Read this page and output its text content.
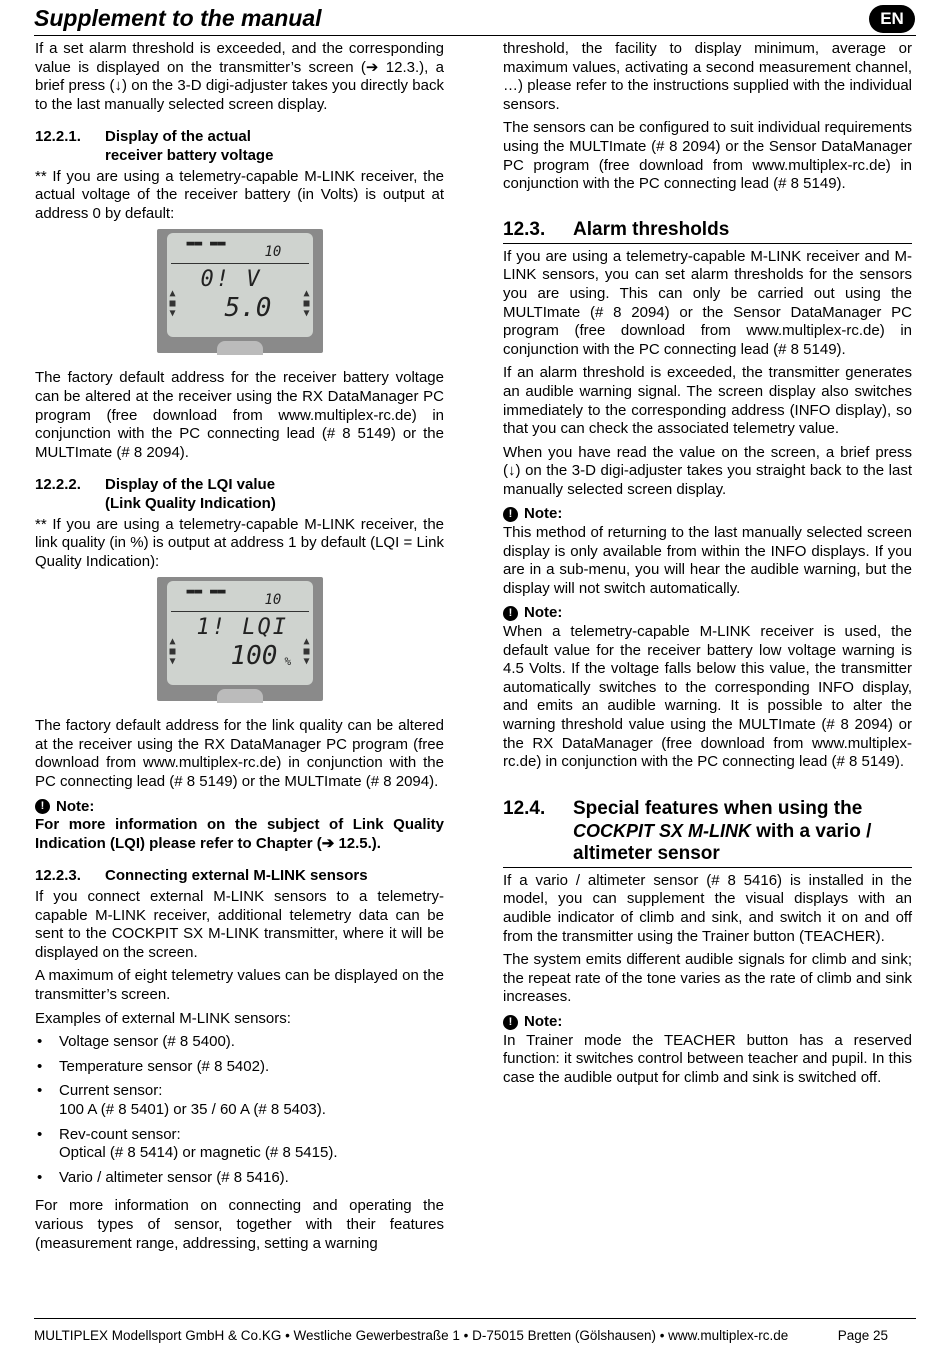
Supplement to the manual	EN

If a set alarm threshold is exceeded, and the corresponding value is displayed on the transmitter’s screen (➔ 12.3.), a brief press (↓) on the 3-D digi-adjuster takes you directly back to the last manually selected screen display.

12.2.1.	Display of the actual receiver battery voltage

** If you are using a telemetry-capable M-LINK receiver, the actual voltage of the receiver battery (in Volts) is output at address 0 by default:

▬▬ ▬▬
10
0! V
5.0
▲
■
▼
▲
■
▼

The factory default address for the receiver battery voltage can be altered at the receiver using the RX DataManager PC program (free download from www.multiplex-rc.de) in conjunction with the PC connecting lead (# 8 5149) or the MULTImate (# 8 2094).

12.2.2.	Display of the LQI value (Link Quality Indication)

** If you are using a telemetry-capable M-LINK receiver, the link quality (in %) is output at address 1 by default (LQI = Link Quality Indication):

▬▬ ▬▬
10
1! LQI
100 %
▲
■
▼
▲
■
▼

The factory default address for the link quality can be altered at the receiver using the RX DataManager PC program (free download from www.multiplex-rc.de) in conjunction with the PC connecting lead (# 8 5149) or the MULTImate (# 8 2094).

! Note:

For more information on the subject of Link Quality Indication (LQI) please refer to Chapter (➔ 12.5.).

12.2.3.	Connecting external M-LINK sensors

If you connect external M-LINK sensors to a telemetry-capable M-LINK receiver, additional telemetry data can be sent to the COCKPIT SX M-LINK transmitter, where it will be displayed on the screen.

A maximum of eight telemetry values can be displayed on the transmitter’s screen.

Examples of external M-LINK sensors:

• Voltage sensor (# 8 5400).
• Temperature sensor (# 8 5402).
• Current sensor:
100 A (# 8 5401) or 35 / 60 A (# 8 5403).
• Rev-count sensor:
Optical (# 8 5414) or magnetic (# 8 5415).
• Vario / altimeter sensor (# 8 5416).

For more information on connecting and operating the various types of sensor, together with their features (measurement range, addressing, setting a warning

threshold, the facility to display minimum, average or maximum values, activating a second measurement channel, …) please refer to the instructions supplied with the individual sensors.

The sensors can be configured to suit individual requirements using the MULTImate (# 8 2094) or the Sensor DataManager PC program (free download from www.multiplex-rc.de) in conjunction with the PC connecting lead (# 8 5149).

12.3.	Alarm thresholds

If you are using a telemetry-capable M-LINK receiver and M-LINK sensors, you can set alarm thresholds for the sensors you are using. This can only be carried out using the MULTImate (# 8 2094) or the Sensor DataManager PC program (free download from www.multiplex-rc.de) in conjunction with the PC connecting lead (# 8 5149).

If an alarm threshold is exceeded, the transmitter generates an audible warning signal. The screen display also switches immediately to the corresponding address (INFO display), so that you can check the associated telemetry value.

When you have read the value on the screen, a brief press (↓) on the 3-D digi-adjuster takes you straight back to the last manually selected screen display.

! Note:

This method of returning to the last manually selected screen display is only available from within the INFO displays. If you are in a sub-menu, you will hear the audible warning, but the display will not switch automatically.

! Note:

When a telemetry-capable M-LINK receiver is used, the default value for the receiver battery low voltage warning is 4.5 Volts. If the voltage falls below this value, the transmitter automatically switches to the corresponding INFO display, and emits an audible warning. It is possible to alter the warning threshold value using the MULTImate (# 8 2094) or the RX DataManager (free download from www.multiplex-rc.de) in conjunction with the PC connecting lead (# 8 5149).

12.4.	Special features when using the
COCKPIT SX M-LINK with a vario / altimeter sensor

If a vario / altimeter sensor (# 8 5416) is installed in the model, you can supplement the visual displays with an audible indicator of climb and sink, and switch it on and off from the transmitter using the Trainer button (TEACHER).

The system emits different audible signals for climb and sink; the repeat rate of the tone varies as the rate of climb and sink increases.

! Note:

In Trainer mode the TEACHER button has a reserved function: it switches control between teacher and pupil. In this case the audible output for climb and sink is switched off.

MULTIPLEX Modellsport GmbH & Co.KG • Westliche Gewerbestraße 1 • D-75015 Bretten (Gölshausen) • www.multiplex-rc.de	Page 25
